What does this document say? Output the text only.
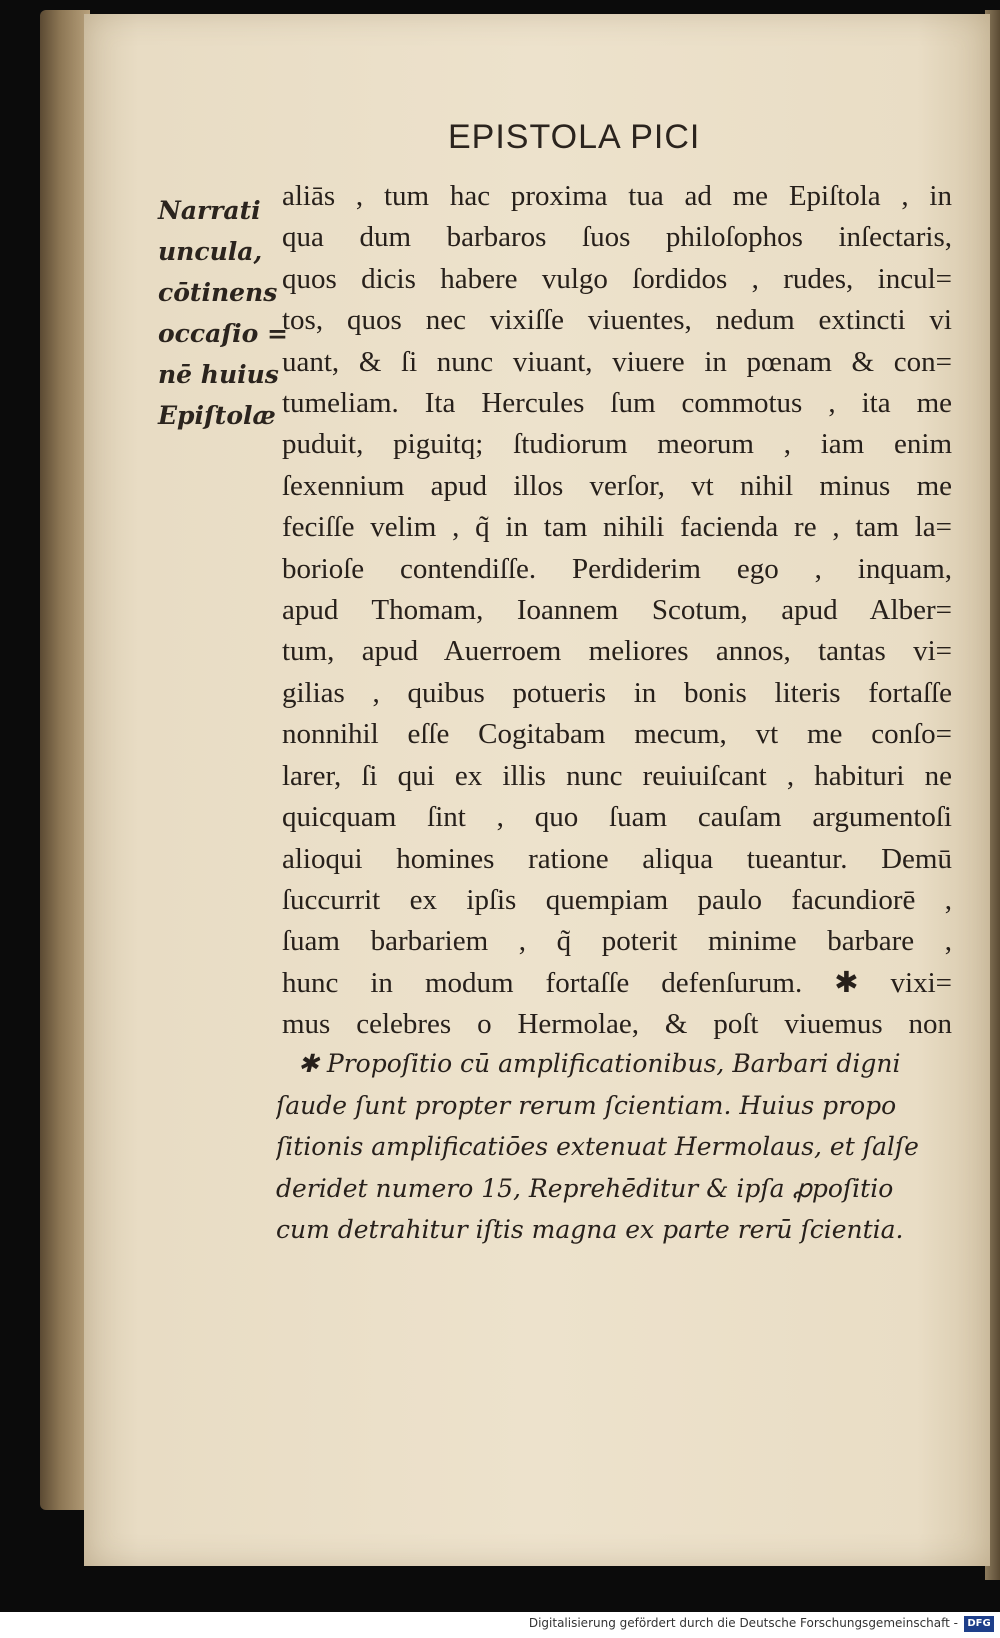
EPISTOLA PICI
Narrati
uncula,
cōtinens
occaſio =
nē huius
Epiſtolæ
aliās , tum hac proxima tua ad me Epiſtola , in
qua dum barbaros ſuos philoſophos inſectaris,
quos dicis habere vulgo ſordidos , rudes, incul=
tos, quos nec vixiſſe viuentes, nedum extincti vi
uant, & ſi nunc viuant, viuere in pœnam & con=
tumeliam. Ita Hercules ſum commotus , ita me
puduit, piguitq; ſtudiorum meorum , iam enim
ſexennium apud illos verſor, vt nihil minus me
feciſſe velim , q̃ in tam nihili facienda re , tam la=
borioſe contendiſſe. Perdiderim ego , inquam,
apud Thomam, Ioannem Scotum, apud Alber=
tum, apud Auerroem meliores annos, tantas vi=
gilias , quibus potueris in bonis literis fortaſſe
nonnihil eſſe Cogitabam mecum, vt me conſo=
larer, ſi qui ex illis nunc reuiuiſcant , habituri ne
quicquam ſint , quo ſuam cauſam argumentoſi
alioqui homines ratione aliqua tueantur. Demū
ſuccurrit ex ipſis quempiam paulo facundiorē ,
ſuam barbariem , q̃ poterit minime barbare ,
hunc in modum fortaſſe defenſurum. ✱ vixi=
mus celebres o Hermolae, & poſt viuemus non
✱ Propoſitio cū amplificationibus, Barbari digni
ſaude ſunt propter rerum ſcientiam. Huius propo
ſitionis amplificatiōes extenuat Hermolaus, et ſalſe
deridet numero 15, Reprehēditur & ipſa ꝓpoſitio
cum detrahitur iſtis magna ex parte rerū ſcientia.
Digitalisierung gefördert durch die Deutsche Forschungsgemeinschaft - DFG
